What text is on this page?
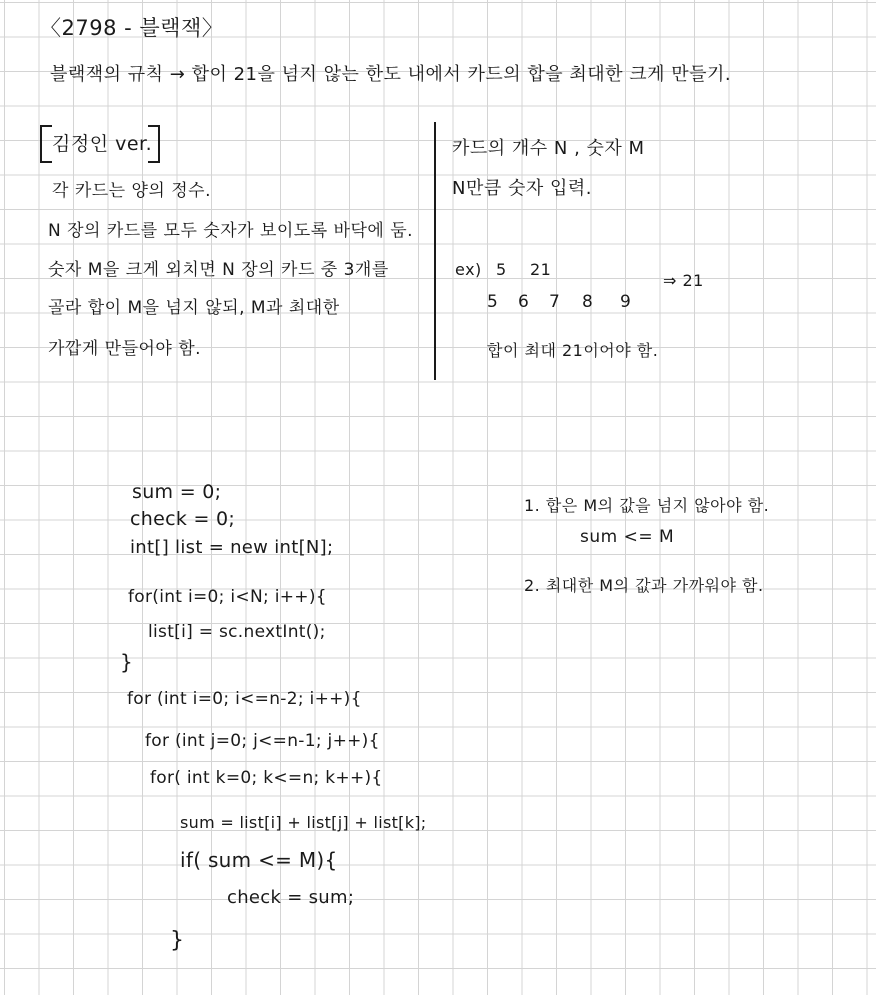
〈2798 - 블랙잭〉
블랙잭의 규칙 → 합이 21을 넘지 않는 한도 내에서 카드의 합을 최대한 크게 만들기.
김정인 ver.
각 카드는 양의 정수.
N 장의 카드를 모두 숫자가 보이도록 바닥에 둠.
숫자 M을 크게 외치면 N 장의 카드 중 3개를
골라 합이 M을 넘지 않되, M과 최대한
가깝게 만들어야 함.
카드의 개수 N , 숫자 M
N만큼 숫자 입력.
ex) 5 21
⇒ 21
5 6 7 8 9
합이 최대 21이어야 함.
sum = 0;
check = 0;
int[] list = new int[N];
for(int i=0; i<N; i++){
list[i] = sc.nextInt();
}
for (int i=0; i<=n-2; i++){
for (int j=0; j<=n-1; j++){
for( int k=0; k<=n; k++){
sum = list[i] + list[j] + list[k];
if( sum <= M){
check = sum;
}
1. 합은 M의 값을 넘지 않아야 함.
sum <= M
2. 최대한 M의 값과 가까워야 함.
